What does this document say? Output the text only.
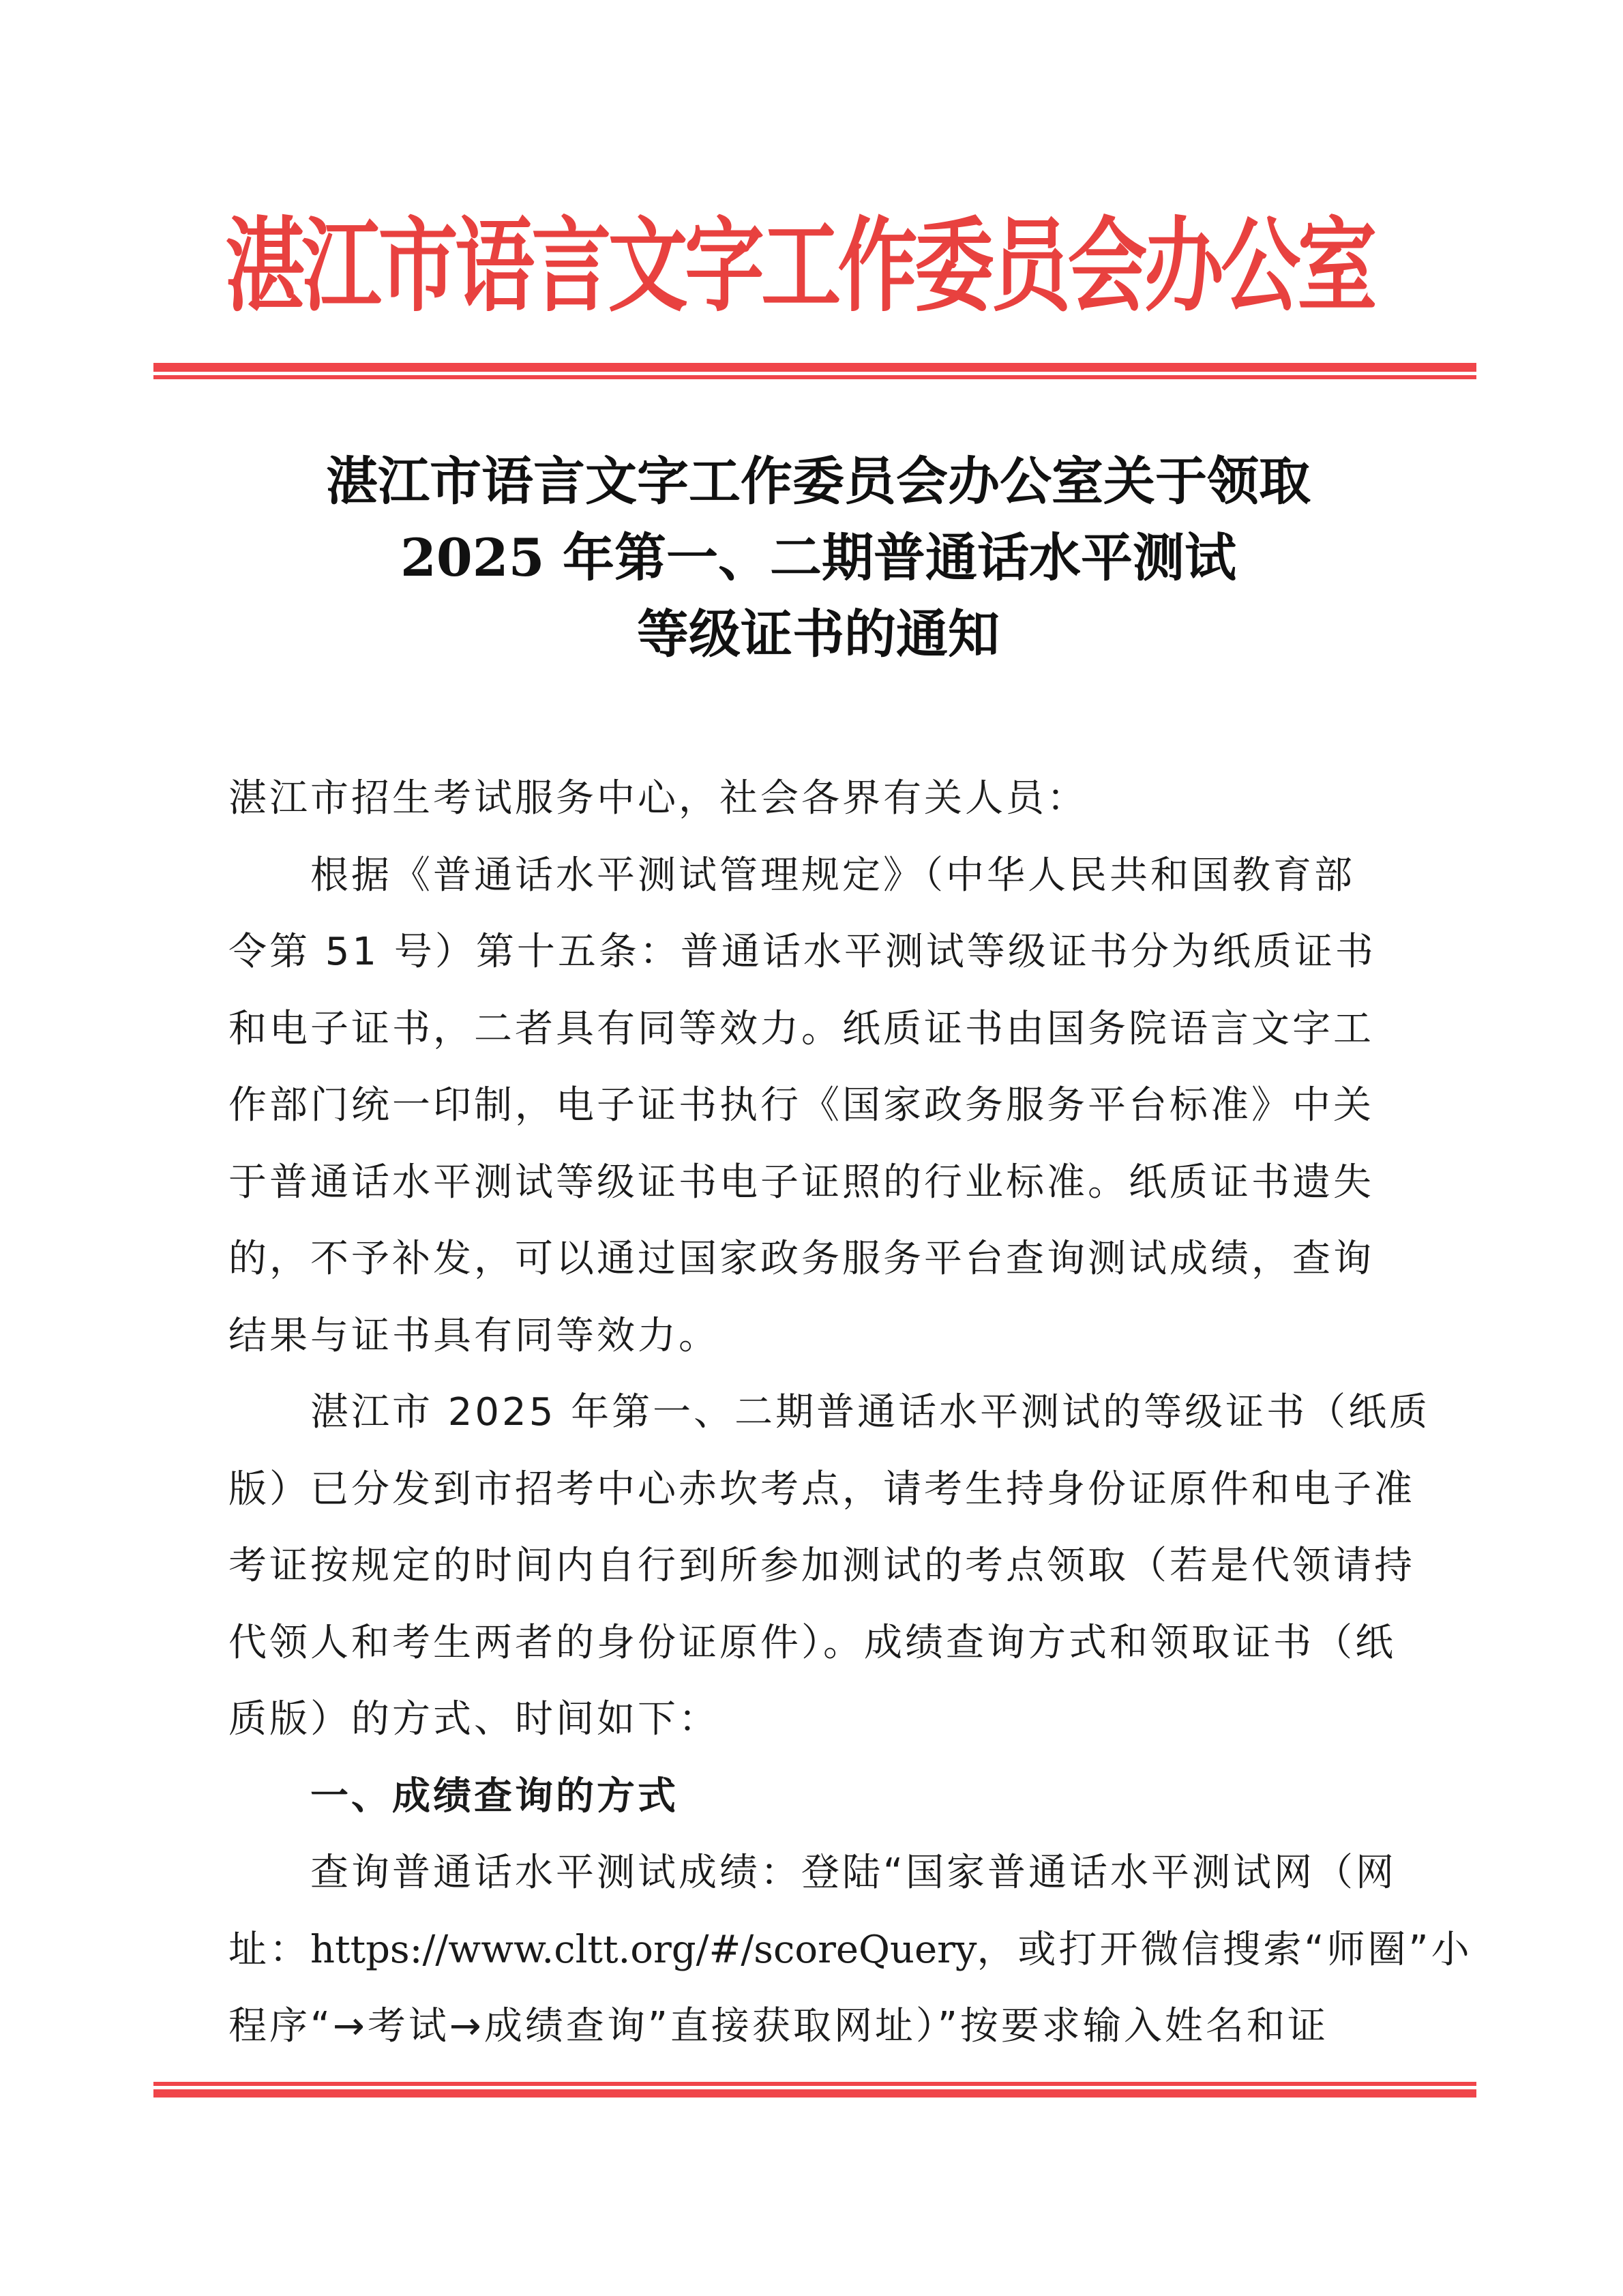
湛江市语言文字工作委员会办公室
湛江市语言文字工作委员会办公室关于领取
2025 年第一、二期普通话水平测试
等级证书的通知
湛江市招生考试服务中心，社会各界有关人员：
根据《普通话水平测试管理规定》（中华人民共和国教育部
令第 51 号）第十五条：普通话水平测试等级证书分为纸质证书
和电子证书，二者具有同等效力。纸质证书由国务院语言文字工
作部门统一印制，电子证书执行《国家政务服务平台标准》中关
于普通话水平测试等级证书电子证照的行业标准。纸质证书遗失
的，不予补发，可以通过国家政务服务平台查询测试成绩，查询
结果与证书具有同等效力。
湛江市 2025 年第一、二期普通话水平测试的等级证书（纸质
版）已分发到市招考中心赤坎考点，请考生持身份证原件和电子准
考证按规定的时间内自行到所参加测试的考点领取（若是代领请持
代领人和考生两者的身份证原件）。成绩查询方式和领取证书（纸
质版）的方式、时间如下：
一、成绩查询的方式
查询普通话水平测试成绩：登陆“国家普通话水平测试网（网
址：https://www.cltt.org/#/scoreQuery，或打开微信搜索“师圈”小
程序“→考试→成绩查询”直接获取网址）”按要求输入姓名和证
